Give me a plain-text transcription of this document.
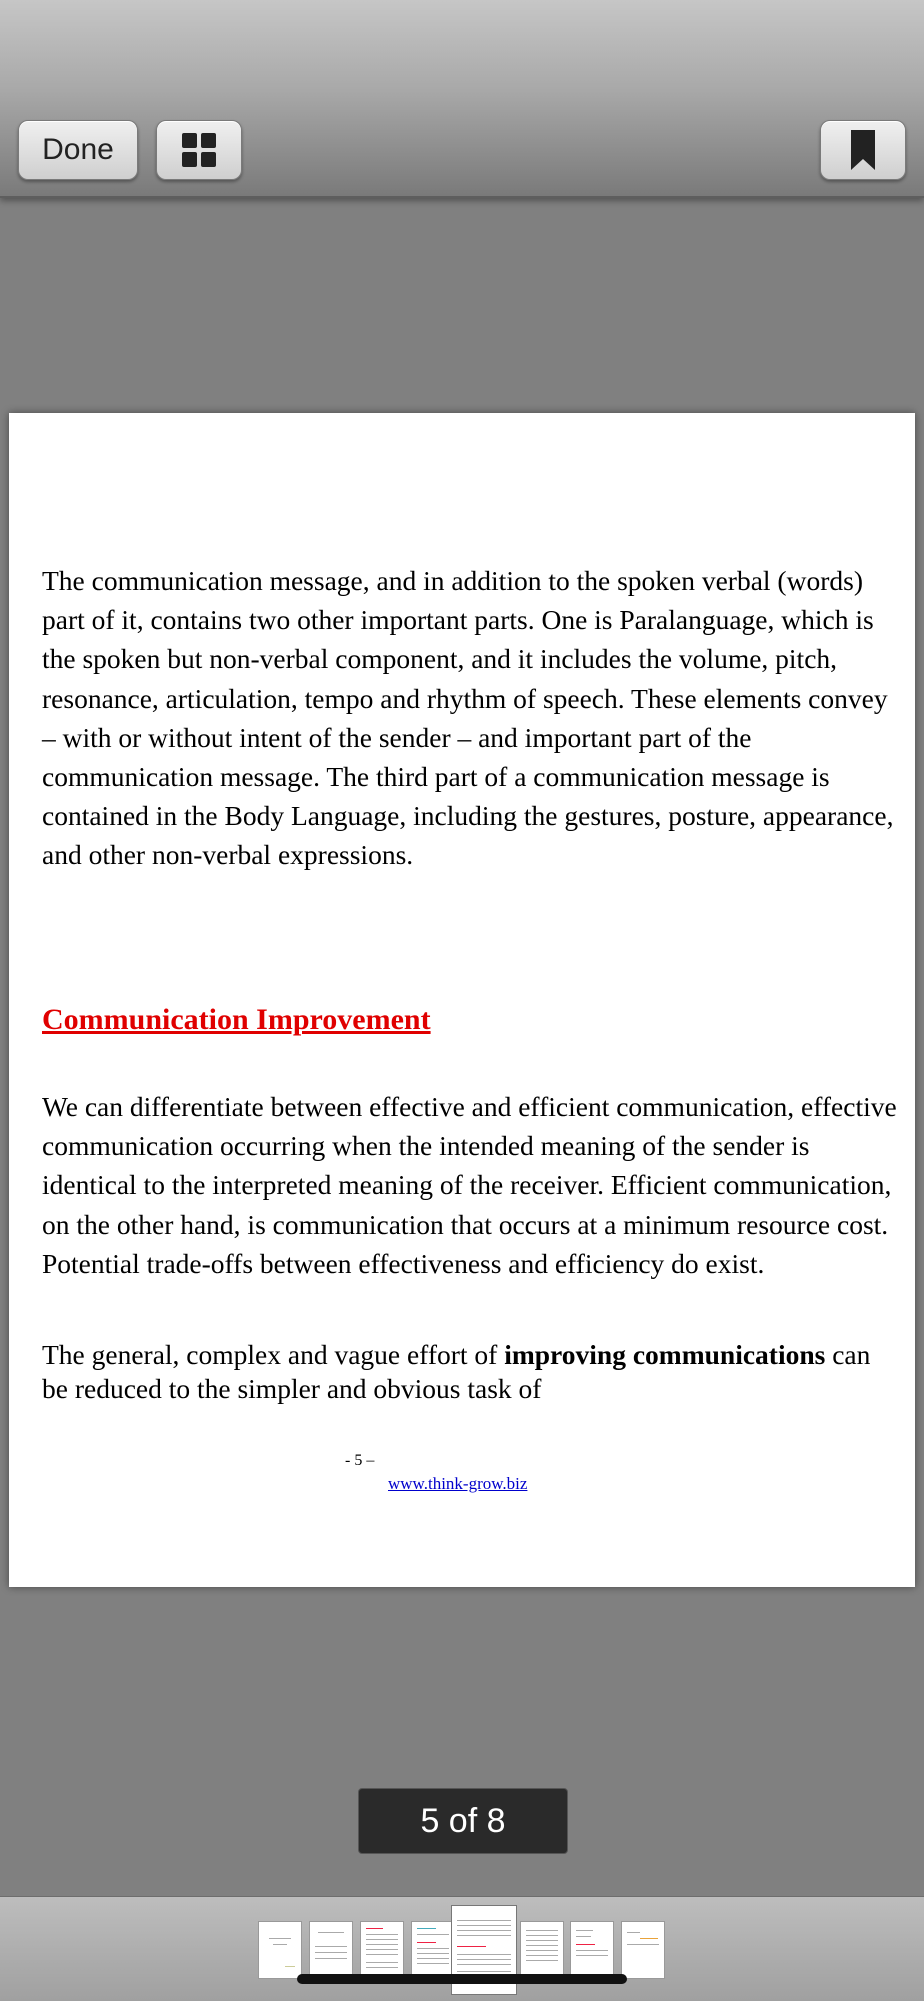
Done

The communication message, and in addition to the spoken verbal (words) part of it, contains two other important parts. One is Paralanguage, which is the spoken but non-verbal component, and it includes the volume, pitch, resonance, articulation, tempo and rhythm of speech. These elements convey – with or without intent of the sender – and important part of the communication message. The third part of a communication message is contained in the Body Language, including the gestures, posture, appearance, and other non-verbal expressions.

Communication Improvement

We can differentiate between effective and efficient communication, effective communication occurring when the intended meaning of the sender is identical to the interpreted meaning of the receiver. Efficient communication, on the other hand, is communication that occurs at a minimum resource cost. Potential trade-offs between effectiveness and efficiency do exist.

The general, complex and vague effort of improving communications can be reduced to the simpler and obvious task of

- 5 –
www.think-grow.biz
5 of 8
